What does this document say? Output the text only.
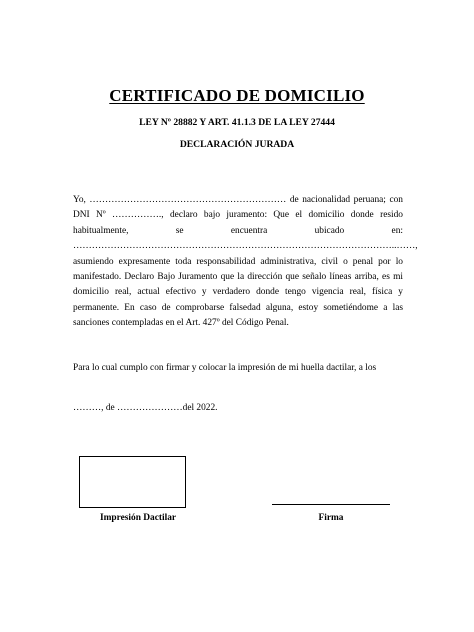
CERTIFICADO DE DOMICILIO
LEY Nº 28882 Y ART. 41.1.3 DE LA LEY 27444
DECLARACIÓN JURADA

Yo, ……………………………………………………… de nacionalidad peruana; con DNI Nº ……………., declaro bajo juramento: Que el domicilio donde resido habitualmente, se encuentra ubicado en: …………………………………………………………………………………………..……, asumiendo expresamente toda responsabilidad administrativa, civil o penal por lo manifestado. Declaro Bajo Juramento que la dirección que señalo líneas arriba, es mi domicilio real, actual efectivo y verdadero donde tengo vigencia real, física y permanente. En caso de comprobarse falsedad alguna, estoy sometiéndome a las sanciones contempladas en el Art. 427º del Código Penal.

Para lo cual cumplo con firmar y colocar la impresión de mi huella dactilar, a los
………, de …………………del 2022.
Impresión Dactilar	Firma
